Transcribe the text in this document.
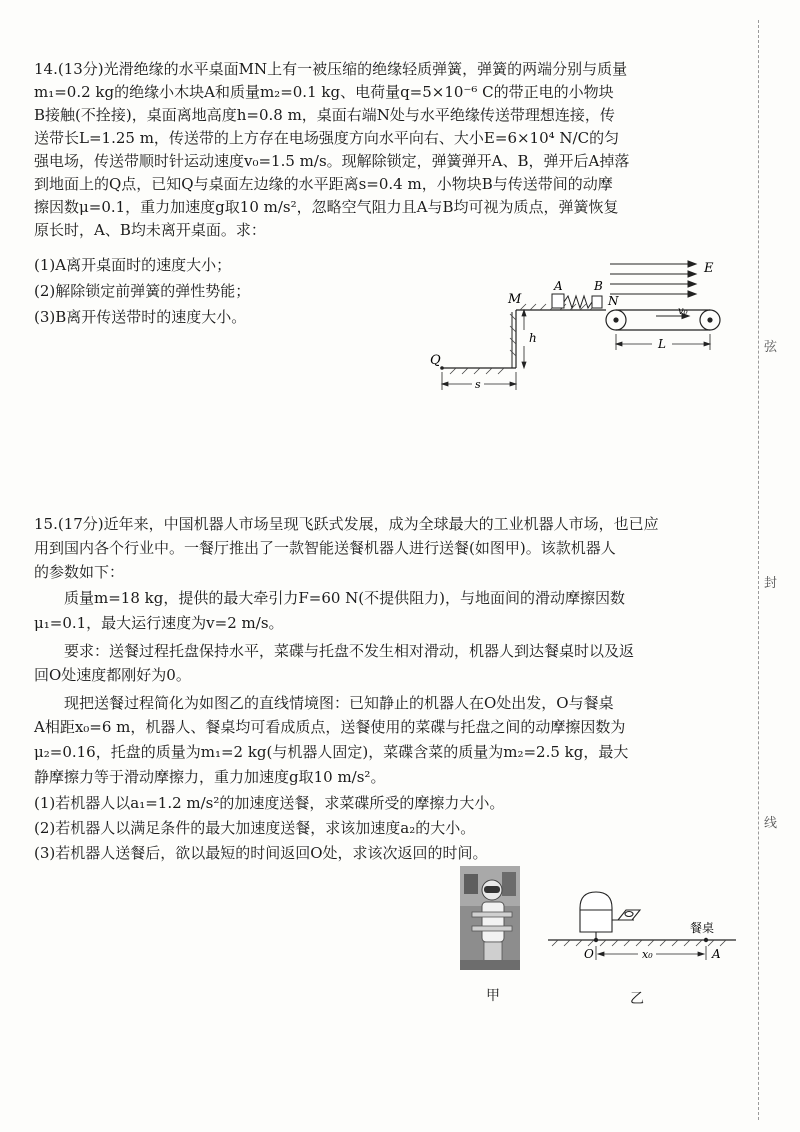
14.(13分)光滑绝缘的水平桌面MN上有一被压缩的绝缘轻质弹簧，弹簧的两端分别与质量
m₁=0.2 kg的绝缘小木块A和质量m₂=0.1 kg、电荷量q=5×10⁻⁶ C的带正电的小物块
B接触(不拴接)，桌面离地高度h=0.8 m，桌面右端N处与水平绝缘传送带理想连接，传
送带长L=1.25 m，传送带的上方存在电场强度方向水平向右、大小E=6×10⁴ N/C的匀
强电场，传送带顺时针运动速度v₀=1.5 m/s。现解除锁定，弹簧弹开A、B，弹开后A掉落
到地面上的Q点，已知Q与桌面左边缘的水平距离s=0.4 m，小物块B与传送带间的动摩
擦因数μ=0.1，重力加速度g取10 m/s²，忽略空气阻力且A与B均可视为质点，弹簧恢复
原长时，A、B均未离开桌面。求：
(1)A离开桌面时的速度大小；
(2)解除锁定前弹簧的弹性势能；
(3)B离开传送带时的速度大小。
E
M
A	B
N
v₀
L
h
Q
s
15.(17分)近年来，中国机器人市场呈现飞跃式发展，成为全球最大的工业机器人市场，也已应
用到国内各个行业中。一餐厅推出了一款智能送餐机器人进行送餐(如图甲)。该款机器人
的参数如下：
质量m=18 kg，提供的最大牵引力F=60 N(不提供阻力)，与地面间的滑动摩擦因数
μ₁=0.1，最大运行速度为v=2 m/s。
要求：送餐过程托盘保持水平，菜碟与托盘不发生相对滑动，机器人到达餐桌时以及返
回O处速度都刚好为0。
现把送餐过程简化为如图乙的直线情境图：已知静止的机器人在O处出发，O与餐桌
A相距x₀=6 m，机器人、餐桌均可看成质点，送餐使用的菜碟与托盘之间的动摩擦因数为
μ₂=0.16，托盘的质量为m₁=2 kg(与机器人固定)，菜碟含菜的质量为m₂=2.5 kg，最大
静摩擦力等于滑动摩擦力，重力加速度g取10 m/s²。
(1)若机器人以a₁=1.2 m/s²的加速度送餐，求菜碟所受的摩擦力大小。
(2)若机器人以满足条件的最大加速度送餐，求该加速度a₂的大小。
(3)若机器人送餐后，欲以最短的时间返回O处，求该次返回的时间。
甲
餐桌
O	A
x₀
乙
弦
封
线
